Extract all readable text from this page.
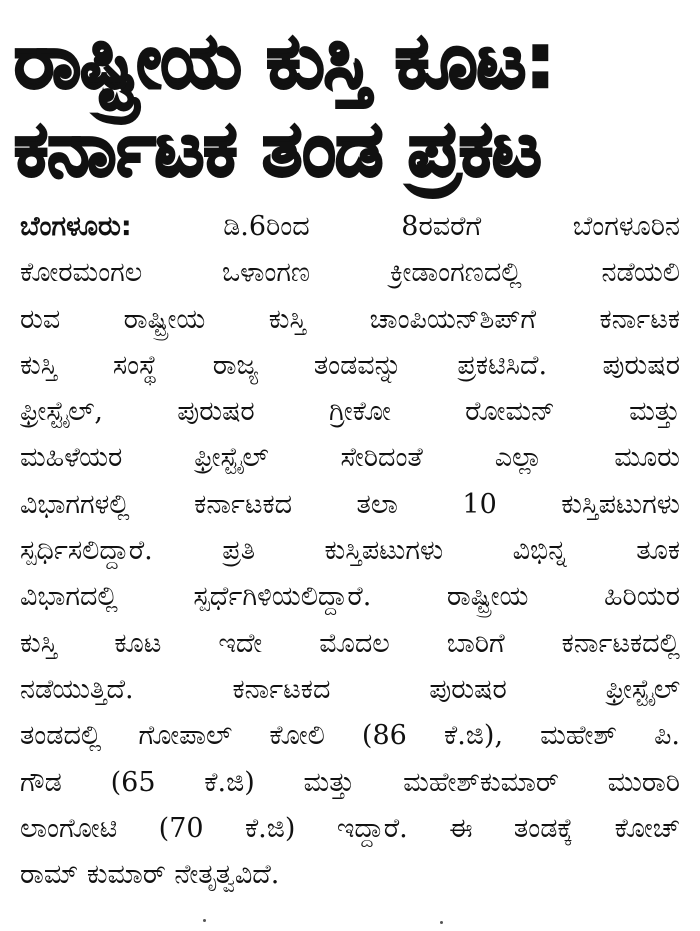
ರಾಷ್ಟ್ರೀಯ ಕುಸ್ತಿ ಕೂಟ:
ಕರ್ನಾಟಕ ತಂಡ ಪ್ರಕಟ
ಬೆಂಗಳೂರು:	ಡಿ.6ರಿಂದ 8ರವರೆಗೆ ಬೆಂಗಳೂರಿನ
ಕೋರಮಂಗಲ ಒಳಾಂಗಣ ಕ್ರೀಡಾಂಗಣದಲ್ಲಿ ನಡೆಯಲಿ
ರುವ ರಾಷ್ಟ್ರೀಯ ಕುಸ್ತಿ ಚಾಂಪಿಯನ್‌ಶಿಪ್‌ಗೆ ಕರ್ನಾಟಕ
ಕುಸ್ತಿ ಸಂಸ್ಥೆ ರಾಜ್ಯ ತಂಡವನ್ನು ಪ್ರಕಟಿಸಿದೆ. ಪುರುಷರ
ಫ್ರೀಸ್ಟೈಲ್, ಪುರುಷರ ಗ್ರೀಕೋ ರೋಮನ್ ಮತ್ತು
ಮಹಿಳೆಯರ ಫ್ರೀಸ್ಟೈಲ್ ಸೇರಿದಂತೆ ಎಲ್ಲಾ ಮೂರು
ವಿಭಾಗಗಳಲ್ಲಿ ಕರ್ನಾಟಕದ ತಲಾ 10 ಕುಸ್ತಿಪಟುಗಳು
ಸ್ಪರ್ಧಿಸಲಿದ್ದಾರೆ. ಪ್ರತಿ ಕುಸ್ತಿಪಟುಗಳು ವಿಭಿನ್ನ ತೂಕ
ವಿಭಾಗದಲ್ಲಿ ಸ್ಪರ್ಧೆಗಿಳಿಯಲಿದ್ದಾರೆ. ರಾಷ್ಟ್ರೀಯ ಹಿರಿಯರ
ಕುಸ್ತಿ ಕೂಟ ಇದೇ ಮೊದಲ ಬಾರಿಗೆ ಕರ್ನಾಟಕದಲ್ಲಿ
ನಡೆಯುತ್ತಿದೆ. ಕರ್ನಾಟಕದ ಪುರುಷರ ಫ್ರೀಸ್ಟೈಲ್
ತಂಡದಲ್ಲಿ ಗೋಪಾಲ್ ಕೋಲಿ (86 ಕೆ.ಜಿ), ಮಹೇಶ್ ಪಿ.
ಗೌಡ (65 ಕೆ.ಜಿ) ಮತ್ತು ಮಹೇಶ್‌ಕುಮಾರ್ ಮುರಾರಿ
ಲಾಂಗೋಟಿ (70 ಕೆ.ಜಿ) ಇದ್ದಾರೆ. ಈ ತಂಡಕ್ಕೆ ಕೋಚ್
ರಾಮ್ ಕುಮಾರ್ ನೇತೃತ್ವವಿದೆ.
